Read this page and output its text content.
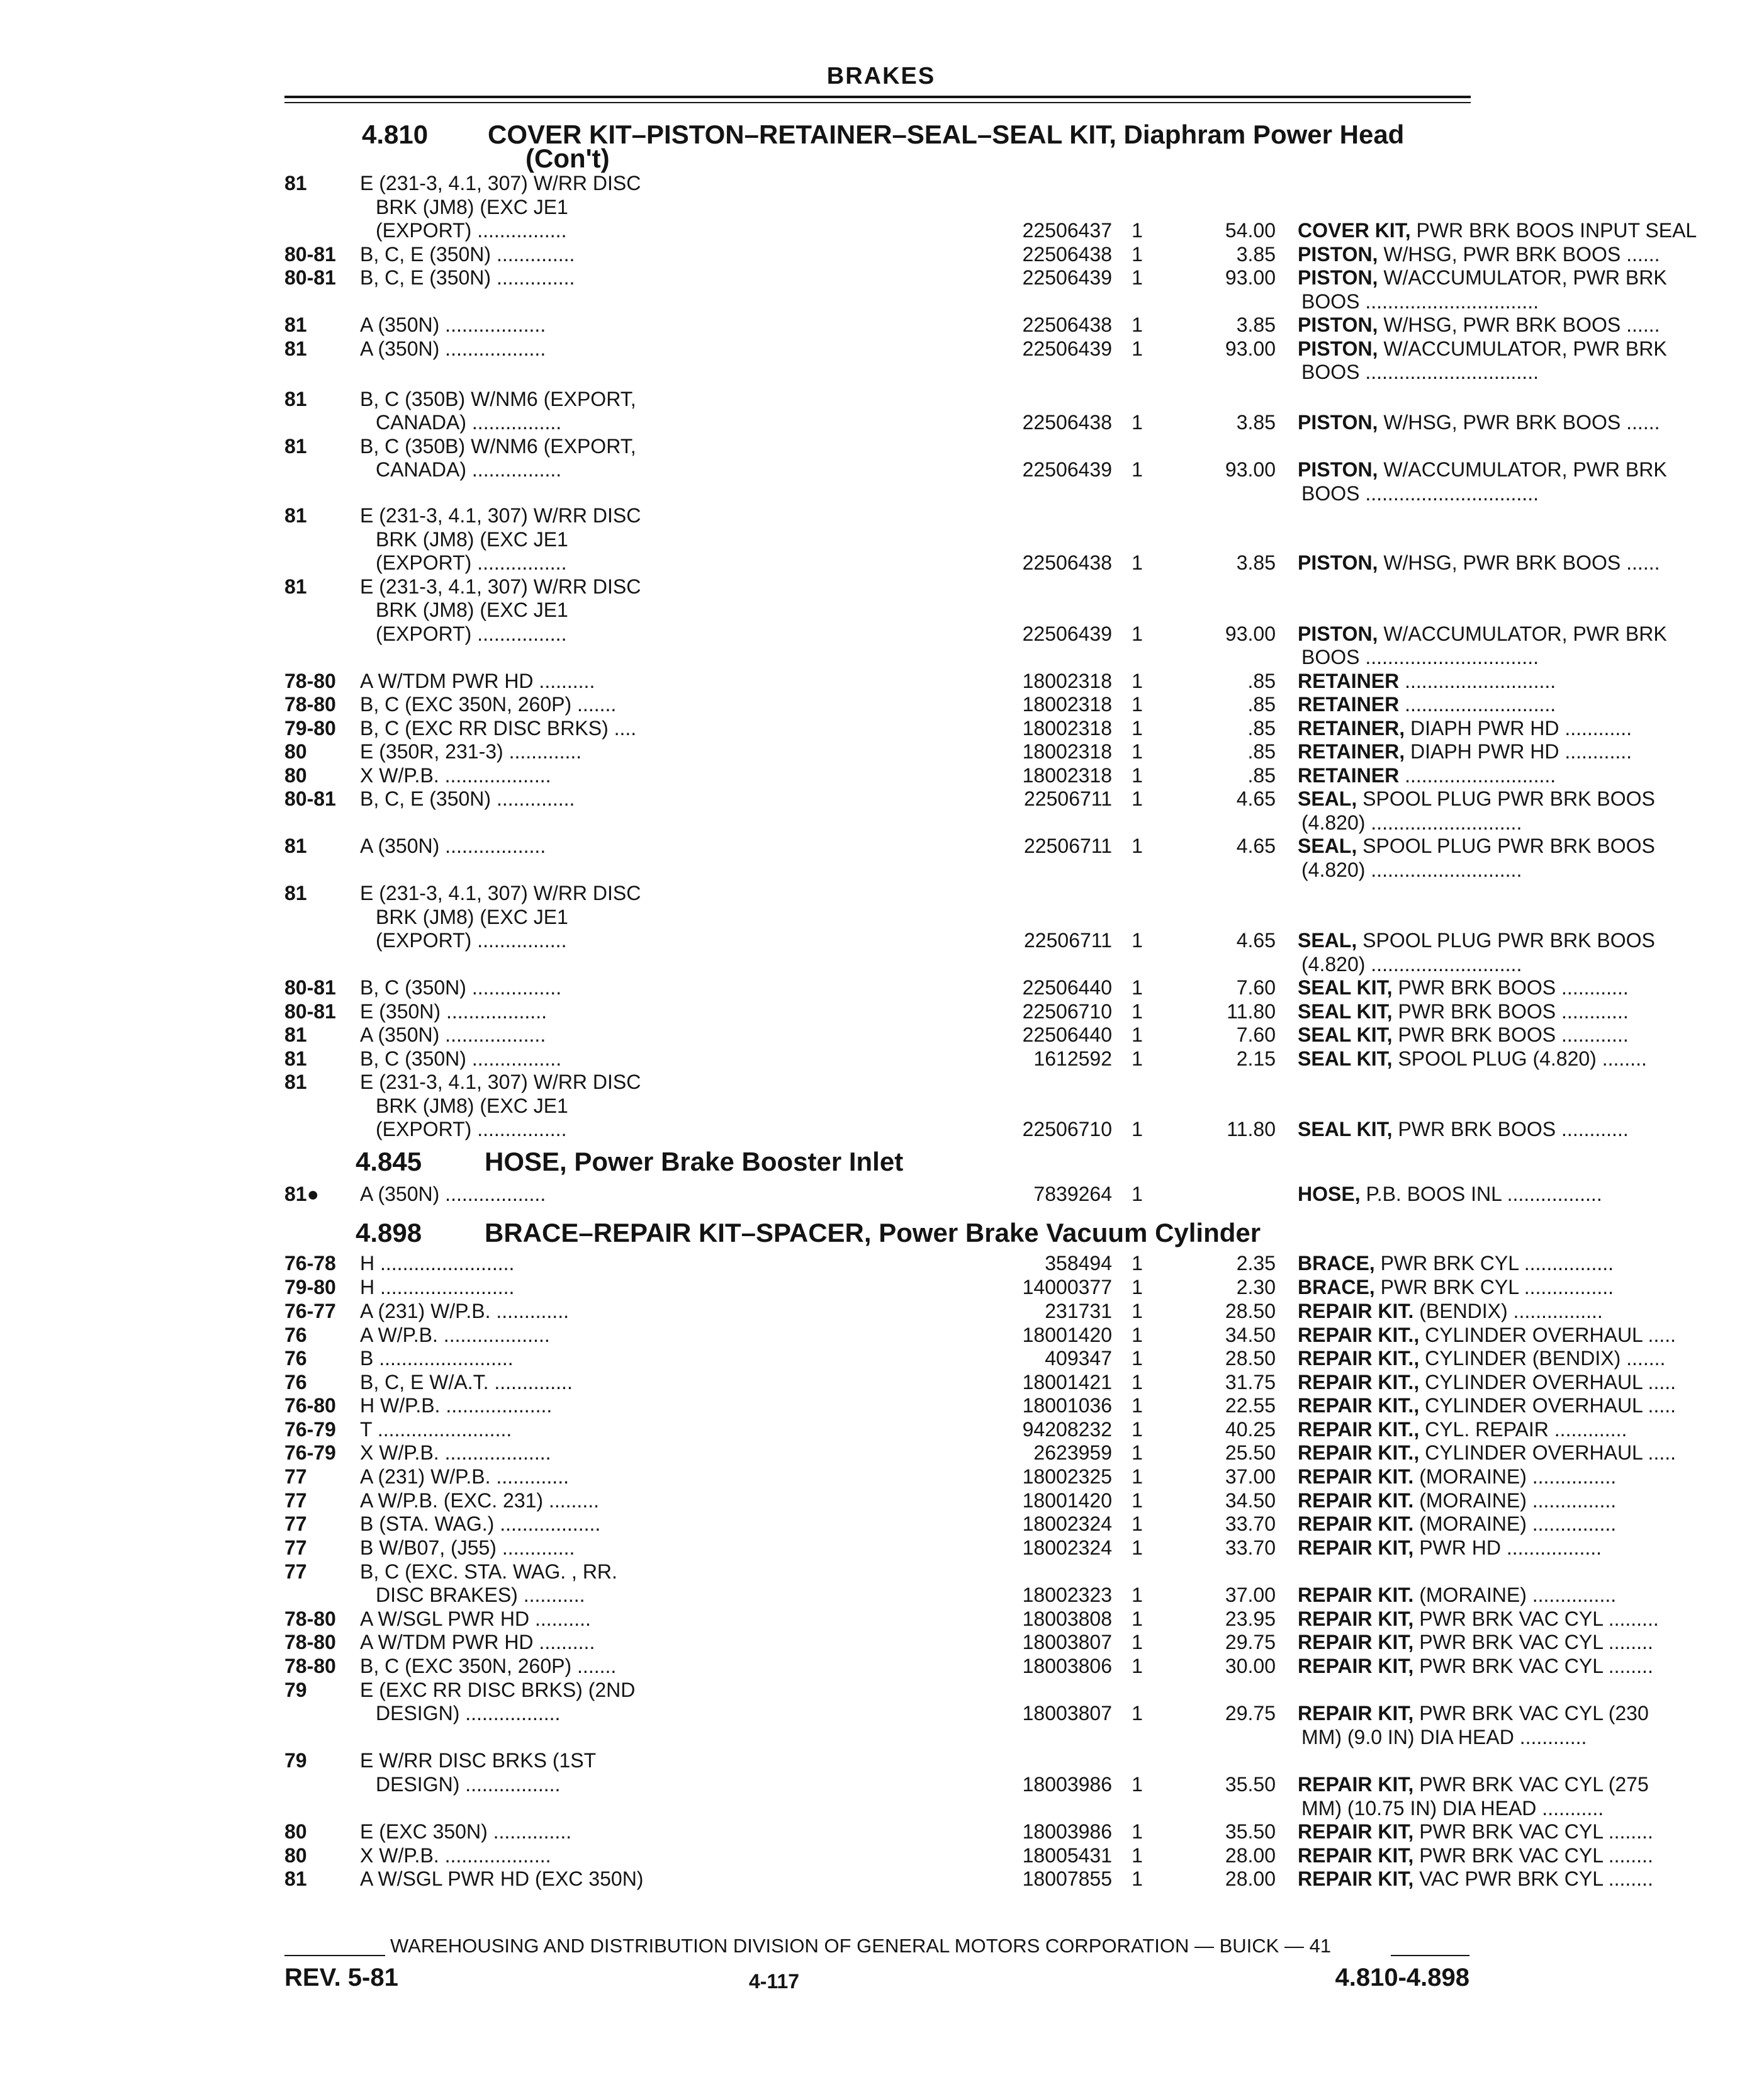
BRAKES
4.810 COVER KIT–PISTON–RETAINER–SEAL–SEAL KIT, Diaphram Power Head
(Con't)
4.845 HOSE, Power Brake Booster Inlet
4.898 BRACE–REPAIR KIT–SPACER, Power Brake Vacuum Cylinder
81	E (231-3, 4.1, 307) W/RR DISC
BRK (JM8) (EXC JE1
(EXPORT) ................	22506437 1	54.00 COVER KIT, PWR BRK BOOS INPUT SEAL
80-81	B, C, E (350N) ..............	22506438 1	3.85 PISTON, W/HSG, PWR BRK BOOS ......
80-81	B, C, E (350N) ..............	22506439 1	93.00 PISTON, W/ACCUMULATOR, PWR BRK
BOOS ...............................
81	A (350N) ..................	22506438 1	3.85 PISTON, W/HSG, PWR BRK BOOS ......
81	A (350N) ..................	22506439 1	93.00 PISTON, W/ACCUMULATOR, PWR BRK
BOOS ...............................
81	B, C (350B) W/NM6 (EXPORT,
CANADA) ................	22506438 1	3.85 PISTON, W/HSG, PWR BRK BOOS ......
81	B, C (350B) W/NM6 (EXPORT,
CANADA) ................	22506439 1	93.00 PISTON, W/ACCUMULATOR, PWR BRK
BOOS ...............................
81	E (231-3, 4.1, 307) W/RR DISC
BRK (JM8) (EXC JE1
(EXPORT) ................	22506438 1	3.85 PISTON, W/HSG, PWR BRK BOOS ......
81	E (231-3, 4.1, 307) W/RR DISC
BRK (JM8) (EXC JE1
(EXPORT) ................	22506439 1	93.00 PISTON, W/ACCUMULATOR, PWR BRK
BOOS ...............................
78-80	A W/TDM PWR HD ..........	18002318 1	.85 RETAINER ...........................
78-80	B, C (EXC 350N, 260P) .......	18002318 1	.85 RETAINER ...........................
79-80	B, C (EXC RR DISC BRKS) ....	18002318 1	.85 RETAINER, DIAPH PWR HD ............
80	E (350R, 231-3) .............	18002318 1	.85 RETAINER, DIAPH PWR HD ............
80	X W/P.B. ...................	18002318 1	.85 RETAINER ...........................
80-81	B, C, E (350N) ..............	22506711 1	4.65 SEAL, SPOOL PLUG PWR BRK BOOS
(4.820) ...........................
81	A (350N) ..................	22506711 1	4.65 SEAL, SPOOL PLUG PWR BRK BOOS
(4.820) ...........................
81	E (231-3, 4.1, 307) W/RR DISC
BRK (JM8) (EXC JE1
(EXPORT) ................	22506711 1	4.65 SEAL, SPOOL PLUG PWR BRK BOOS
(4.820) ...........................
80-81	B, C (350N) ................	22506440 1	7.60 SEAL KIT, PWR BRK BOOS ............
80-81	E (350N) ..................	22506710 1	11.80 SEAL KIT, PWR BRK BOOS ............
81	A (350N) ..................	22506440 1	7.60 SEAL KIT, PWR BRK BOOS ............
81	B, C (350N) ................	1612592 1	2.15 SEAL KIT, SPOOL PLUG (4.820) ........
81	E (231-3, 4.1, 307) W/RR DISC
BRK (JM8) (EXC JE1
(EXPORT) ................	22506710 1	11.80 SEAL KIT, PWR BRK BOOS ............
81●	A (350N) ..................	7839264 1	HOSE, P.B. BOOS INL .................
76-78	H ........................	358494 1	2.35 BRACE, PWR BRK CYL ................
79-80	H ........................	14000377 1	2.30 BRACE, PWR BRK CYL ................
76-77	A (231) W/P.B. .............	231731 1	28.50 REPAIR KIT. (BENDIX) ................
76	A W/P.B. ...................	18001420 1	34.50 REPAIR KIT., CYLINDER OVERHAUL .....
76	B ........................	409347 1	28.50 REPAIR KIT., CYLINDER (BENDIX) .......
76	B, C, E W/A.T. ..............	18001421 1	31.75 REPAIR KIT., CYLINDER OVERHAUL .....
76-80	H W/P.B. ...................	18001036 1	22.55 REPAIR KIT., CYLINDER OVERHAUL .....
76-79	T ........................	94208232 1	40.25 REPAIR KIT., CYL. REPAIR .............
76-79	X W/P.B. ...................	2623959 1	25.50 REPAIR KIT., CYLINDER OVERHAUL .....
77	A (231) W/P.B. .............	18002325 1	37.00 REPAIR KIT. (MORAINE) ...............
77	A W/P.B. (EXC. 231) .........	18001420 1	34.50 REPAIR KIT. (MORAINE) ...............
77	B (STA. WAG.) ..................	18002324 1	33.70 REPAIR KIT. (MORAINE) ...............
77	B W/B07, (J55) .............	18002324 1	33.70 REPAIR KIT, PWR HD .................
77	B, C (EXC. STA. WAG. , RR.
DISC BRAKES) ...........	18002323 1	37.00 REPAIR KIT. (MORAINE) ...............
78-80	A W/SGL PWR HD ..........	18003808 1	23.95 REPAIR KIT, PWR BRK VAC CYL .........
78-80	A W/TDM PWR HD ..........	18003807 1	29.75 REPAIR KIT, PWR BRK VAC CYL ........
78-80	B, C (EXC 350N, 260P) .......	18003806 1	30.00 REPAIR KIT, PWR BRK VAC CYL ........
79	E (EXC RR DISC BRKS) (2ND
DESIGN) .................	18003807 1	29.75 REPAIR KIT, PWR BRK VAC CYL (230
MM) (9.0 IN) DIA HEAD ............
79	E W/RR DISC BRKS (1ST
DESIGN) .................	18003986 1	35.50 REPAIR KIT, PWR BRK VAC CYL (275
MM) (10.75 IN) DIA HEAD ...........
80	E (EXC 350N) ..............	18003986 1	35.50 REPAIR KIT, PWR BRK VAC CYL ........
80	X W/P.B. ...................	18005431 1	28.00 REPAIR KIT, PWR BRK VAC CYL ........
81	A W/SGL PWR HD (EXC 350N)	18007855 1	28.00 REPAIR KIT, VAC PWR BRK CYL ........
WAREHOUSING AND DISTRIBUTION DIVISION OF GENERAL MOTORS CORPORATION — BUICK — 41
REV. 5-81	4-117	4.810-4.898
